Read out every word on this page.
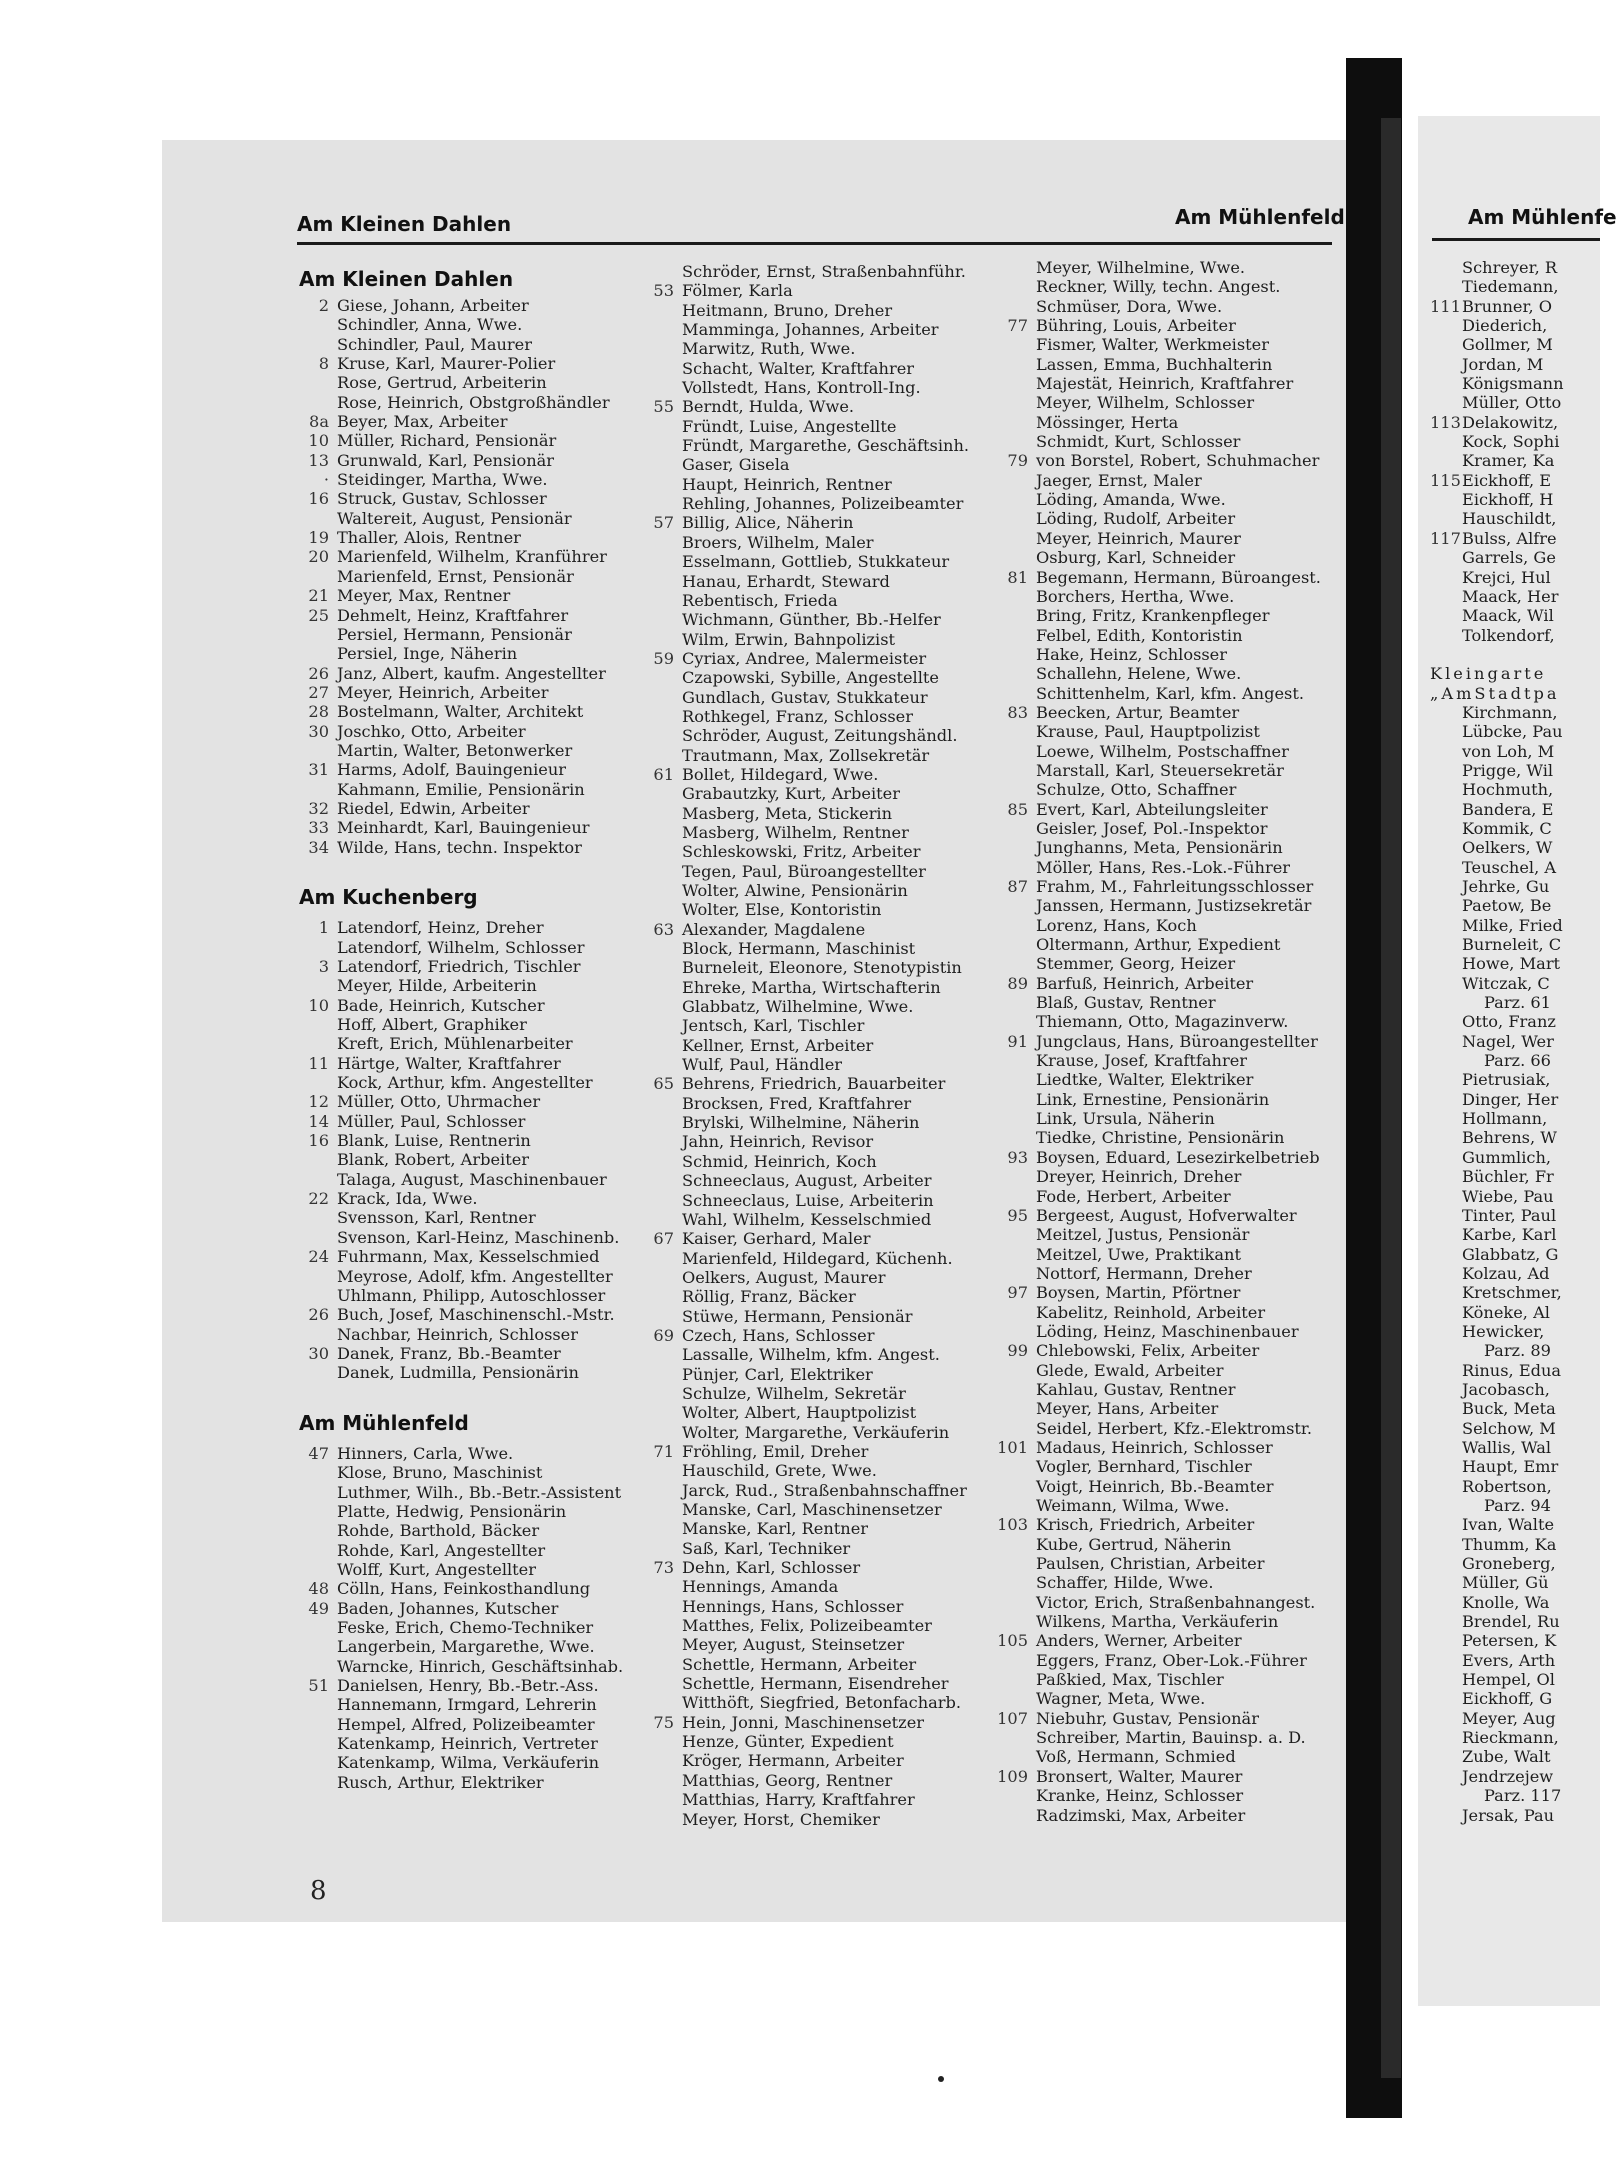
Am Kleinen Dahlen	Am Mühlenfeld	Am Mühlenfe
Am Kleinen Dahlen
2 Giese, Johann, Arbeiter
Schindler, Anna, Wwe.
Schindler, Paul, Maurer
8 Kruse, Karl, Maurer-Polier
Rose, Gertrud, Arbeiterin
Rose, Heinrich, Obstgroßhändler
8a Beyer, Max, Arbeiter
10 Müller, Richard, Pensionär
13 Grunwald, Karl, Pensionär
· Steidinger, Martha, Wwe.
16 Struck, Gustav, Schlosser
Waltereit, August, Pensionär
19 Thaller, Alois, Rentner
20 Marienfeld, Wilhelm, Kranführer
Marienfeld, Ernst, Pensionär
21 Meyer, Max, Rentner
25 Dehmelt, Heinz, Kraftfahrer
Persiel, Hermann, Pensionär
Persiel, Inge, Näherin
26 Janz, Albert, kaufm. Angestellter
27 Meyer, Heinrich, Arbeiter
28 Bostelmann, Walter, Architekt
30 Joschko, Otto, Arbeiter
Martin, Walter, Betonwerker
31 Harms, Adolf, Bauingenieur
Kahmann, Emilie, Pensionärin
32 Riedel, Edwin, Arbeiter
33 Meinhardt, Karl, Bauingenieur
34 Wilde, Hans, techn. Inspektor
Am Kuchenberg
1 Latendorf, Heinz, Dreher
Latendorf, Wilhelm, Schlosser
3 Latendorf, Friedrich, Tischler
Meyer, Hilde, Arbeiterin
10 Bade, Heinrich, Kutscher
Hoff, Albert, Graphiker
Kreft, Erich, Mühlenarbeiter
11 Härtge, Walter, Kraftfahrer
Kock, Arthur, kfm. Angestellter
12 Müller, Otto, Uhrmacher
14 Müller, Paul, Schlosser
16 Blank, Luise, Rentnerin
Blank, Robert, Arbeiter
Talaga, August, Maschinenbauer
22 Krack, Ida, Wwe.
Svensson, Karl, Rentner
Svenson, Karl-Heinz, Maschinenb.
24 Fuhrmann, Max, Kesselschmied
Meyrose, Adolf, kfm. Angestellter
Uhlmann, Philipp, Autoschlosser
26 Buch, Josef, Maschinenschl.-Mstr.
Nachbar, Heinrich, Schlosser
30 Danek, Franz, Bb.-Beamter
Danek, Ludmilla, Pensionärin
Am Mühlenfeld
47 Hinners, Carla, Wwe.
Klose, Bruno, Maschinist
Luthmer, Wilh., Bb.-Betr.-Assistent
Platte, Hedwig, Pensionärin
Rohde, Barthold, Bäcker
Rohde, Karl, Angestellter
Wolff, Kurt, Angestellter
48 Cölln, Hans, Feinkosthandlung
49 Baden, Johannes, Kutscher
Feske, Erich, Chemo-Techniker
Langerbein, Margarethe, Wwe.
Warncke, Hinrich, Geschäftsinhab.
51 Danielsen, Henry, Bb.-Betr.-Ass.
Hannemann, Irmgard, Lehrerin
Hempel, Alfred, Polizeibeamter
Katenkamp, Heinrich, Vertreter
Katenkamp, Wilma, Verkäuferin
Rusch, Arthur, Elektriker
Schröder, Ernst, Straßenbahnführ.
53 Fölmer, Karla
Heitmann, Bruno, Dreher
Mamminga, Johannes, Arbeiter
Marwitz, Ruth, Wwe.
Schacht, Walter, Kraftfahrer
Vollstedt, Hans, Kontroll-Ing.
55 Berndt, Hulda, Wwe.
Fründt, Luise, Angestellte
Fründt, Margarethe, Geschäftsinh.
Gaser, Gisela
Haupt, Heinrich, Rentner
Rehling, Johannes, Polizeibeamter
57 Billig, Alice, Näherin
Broers, Wilhelm, Maler
Esselmann, Gottlieb, Stukkateur
Hanau, Erhardt, Steward
Rebentisch, Frieda
Wichmann, Günther, Bb.-Helfer
Wilm, Erwin, Bahnpolizist
59 Cyriax, Andree, Malermeister
Czapowski, Sybille, Angestellte
Gundlach, Gustav, Stukkateur
Rothkegel, Franz, Schlosser
Schröder, August, Zeitungshändl.
Trautmann, Max, Zollsekretär
61 Bollet, Hildegard, Wwe.
Grabautzky, Kurt, Arbeiter
Masberg, Meta, Stickerin
Masberg, Wilhelm, Rentner
Schleskowski, Fritz, Arbeiter
Tegen, Paul, Büroangestellter
Wolter, Alwine, Pensionärin
Wolter, Else, Kontoristin
63 Alexander, Magdalene
Block, Hermann, Maschinist
Burneleit, Eleonore, Stenotypistin
Ehreke, Martha, Wirtschafterin
Glabbatz, Wilhelmine, Wwe.
Jentsch, Karl, Tischler
Kellner, Ernst, Arbeiter
Wulf, Paul, Händler
65 Behrens, Friedrich, Bauarbeiter
Brocksen, Fred, Kraftfahrer
Brylski, Wilhelmine, Näherin
Jahn, Heinrich, Revisor
Schmid, Heinrich, Koch
Schneeclaus, August, Arbeiter
Schneeclaus, Luise, Arbeiterin
Wahl, Wilhelm, Kesselschmied
67 Kaiser, Gerhard, Maler
Marienfeld, Hildegard, Küchenh.
Oelkers, August, Maurer
Röllig, Franz, Bäcker
Stüwe, Hermann, Pensionär
69 Czech, Hans, Schlosser
Lassalle, Wilhelm, kfm. Angest.
Pünjer, Carl, Elektriker
Schulze, Wilhelm, Sekretär
Wolter, Albert, Hauptpolizist
Wolter, Margarethe, Verkäuferin
71 Fröhling, Emil, Dreher
Hauschild, Grete, Wwe.
Jarck, Rud., Straßenbahnschaffner
Manske, Carl, Maschinensetzer
Manske, Karl, Rentner
Saß, Karl, Techniker
73 Dehn, Karl, Schlosser
Hennings, Amanda
Hennings, Hans, Schlosser
Matthes, Felix, Polizeibeamter
Meyer, August, Steinsetzer
Schettle, Hermann, Arbeiter
Schettle, Hermann, Eisendreher
Witthöft, Siegfried, Betonfacharb.
75 Hein, Jonni, Maschinensetzer
Henze, Günter, Expedient
Kröger, Hermann, Arbeiter
Matthias, Georg, Rentner
Matthias, Harry, Kraftfahrer
Meyer, Horst, Chemiker
Meyer, Wilhelmine, Wwe.
Reckner, Willy, techn. Angest.
Schmüser, Dora, Wwe.
77 Bühring, Louis, Arbeiter
Fismer, Walter, Werkmeister
Lassen, Emma, Buchhalterin
Majestät, Heinrich, Kraftfahrer
Meyer, Wilhelm, Schlosser
Mössinger, Herta
Schmidt, Kurt, Schlosser
79 von Borstel, Robert, Schuhmacher
Jaeger, Ernst, Maler
Löding, Amanda, Wwe.
Löding, Rudolf, Arbeiter
Meyer, Heinrich, Maurer
Osburg, Karl, Schneider
81 Begemann, Hermann, Büroangest.
Borchers, Hertha, Wwe.
Bring, Fritz, Krankenpfleger
Felbel, Edith, Kontoristin
Hake, Heinz, Schlosser
Schallehn, Helene, Wwe.
Schittenhelm, Karl, kfm. Angest.
83 Beecken, Artur, Beamter
Krause, Paul, Hauptpolizist
Loewe, Wilhelm, Postschaffner
Marstall, Karl, Steuersekretär
Schulze, Otto, Schaffner
85 Evert, Karl, Abteilungsleiter
Geisler, Josef, Pol.-Inspektor
Junghanns, Meta, Pensionärin
Möller, Hans, Res.-Lok.-Führer
87 Frahm, M., Fahrleitungsschlosser
Janssen, Hermann, Justizsekretär
Lorenz, Hans, Koch
Oltermann, Arthur, Expedient
Stemmer, Georg, Heizer
89 Barfuß, Heinrich, Arbeiter
Blaß, Gustav, Rentner
Thiemann, Otto, Magazinverw.
91 Jungclaus, Hans, Büroangestellter
Krause, Josef, Kraftfahrer
Liedtke, Walter, Elektriker
Link, Ernestine, Pensionärin
Link, Ursula, Näherin
Tiedke, Christine, Pensionärin
93 Boysen, Eduard, Lesezirkelbetrieb
Dreyer, Heinrich, Dreher
Fode, Herbert, Arbeiter
95 Bergeest, August, Hofverwalter
Meitzel, Justus, Pensionär
Meitzel, Uwe, Praktikant
Nottorf, Hermann, Dreher
97 Boysen, Martin, Pförtner
Kabelitz, Reinhold, Arbeiter
Löding, Heinz, Maschinenbauer
99 Chlebowski, Felix, Arbeiter
Glede, Ewald, Arbeiter
Kahlau, Gustav, Rentner
Meyer, Hans, Arbeiter
Seidel, Herbert, Kfz.-Elektromstr.
101 Madaus, Heinrich, Schlosser
Vogler, Bernhard, Tischler
Voigt, Heinrich, Bb.-Beamter
Weimann, Wilma, Wwe.
103 Krisch, Friedrich, Arbeiter
Kube, Gertrud, Näherin
Paulsen, Christian, Arbeiter
Schaffer, Hilde, Wwe.
Victor, Erich, Straßenbahnangest.
Wilkens, Martha, Verkäuferin
105 Anders, Werner, Arbeiter
Eggers, Franz, Ober-Lok.-Führer
Paßkied, Max, Tischler
Wagner, Meta, Wwe.
107 Niebuhr, Gustav, Pensionär
Schreiber, Martin, Bauinsp. a. D.
Voß, Hermann, Schmied
109 Bronsert, Walter, Maurer
Kranke, Heinz, Schlosser
Radzimski, Max, Arbeiter
Schreyer, R
Tiedemann,
111 Brunner, O
Diederich,
Gollmer, M
Jordan, M
Königsmann
Müller, Otto
113 Delakowitz,
Kock, Sophi
Kramer, Ka
115 Eickhoff, E
Eickhoff, H
Hauschildt,
117 Bulss, Alfre
Garrels, Ge
Krejci, Hul
Maack, Her
Maack, Wil
Tolkendorf,
Kleingarte
„AmStadtpa
Kirchmann,
Lübcke, Pau
von Loh, M
Prigge, Wil
Hochmuth,
Bandera, E
Kommik, C
Oelkers, W
Teuschel, A
Jehrke, Gu
Paetow, Be
Milke, Fried
Burneleit, C
Howe, Mart
Witczak, C
Parz. 61
Otto, Franz
Nagel, Wer
Parz. 66
Pietrusiak,
Dinger, Her
Hollmann,
Behrens, W
Gummlich,
Büchler, Fr
Wiebe, Pau
Tinter, Paul
Karbe, Karl
Glabbatz, G
Kolzau, Ad
Kretschmer,
Köneke, Al
Hewicker,
Parz. 89
Rinus, Edua
Jacobasch,
Buck, Meta
Selchow, M
Wallis, Wal
Haupt, Emr
Robertson,
Parz. 94
Ivan, Walte
Thumm, Ka
Groneberg,
Müller, Gü
Knolle, Wa
Brendel, Ru
Petersen, K
Evers, Arth
Hempel, Ol
Eickhoff, G
Meyer, Aug
Rieckmann,
Zube, Walt
Jendrzejew
Parz. 117
Jersak, Pau
8
